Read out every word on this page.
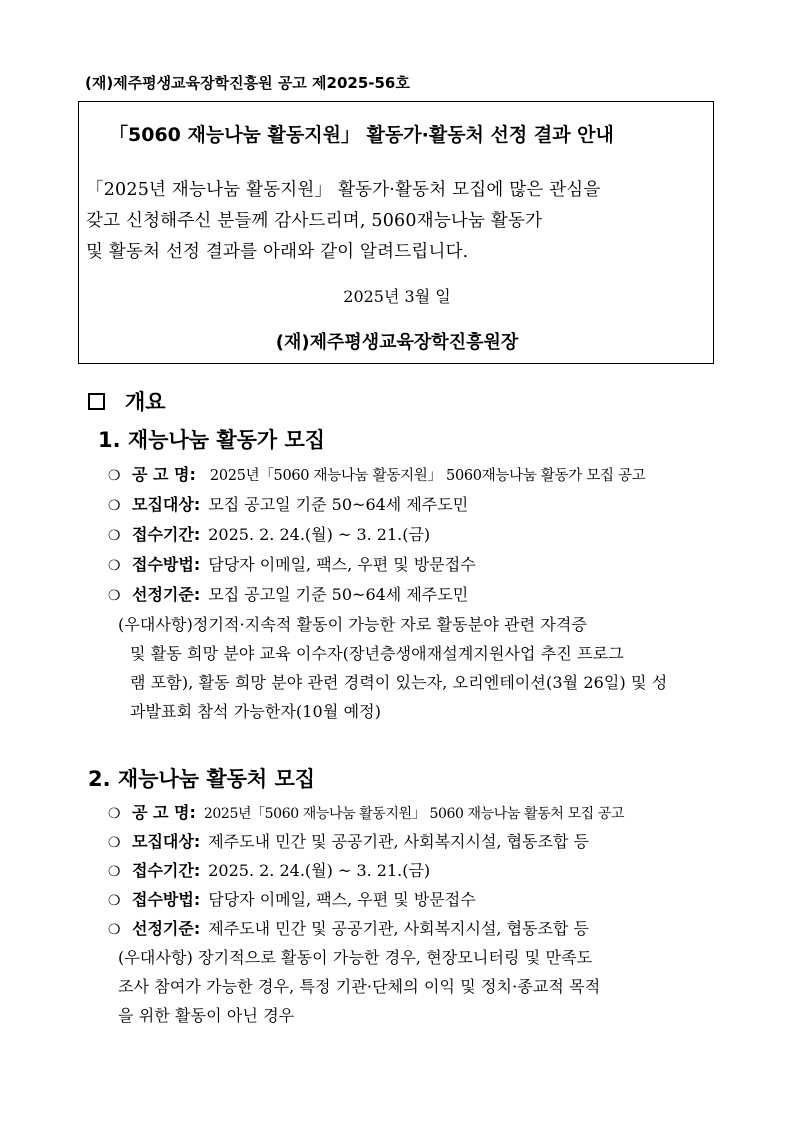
(재)제주평생교육장학진흥원 공고 제2025-56호
「5060 재능나눔 활동지원」 활동가·활동처 선정 결과 안내
「2025년 재능나눔 활동지원」 활동가·활동처 모집에 많은 관심을
갖고 신청해주신 분들께 감사드리며, 5060재능나눔 활동가
및 활동처 선정 결과를 아래와 같이 알려드립니다.
2025년 3월 일
(재)제주평생교육장학진흥원장
개요
1. 재능나눔 활동가 모집
❍ 공 고 명: 2025년「5060 재능나눔 활동지원」 5060재능나눔 활동가 모집 공고
❍ 모집대상: 모집 공고일 기준 50~64세 제주도민
❍ 접수기간: 2025. 2. 24.(월) ~ 3. 21.(금)
❍ 접수방법: 담당자 이메일, 팩스, 우편 및 방문접수
❍ 선정기준: 모집 공고일 기준 50~64세 제주도민
(우대사항)정기적·지속적 활동이 가능한 자로 활동분야 관련 자격증
및 활동 희망 분야 교육 이수자(장년층생애재설계지원사업 추진 프로그
램 포함), 활동 희망 분야 관련 경력이 있는자, 오리엔테이션(3월 26일) 및 성
과발표회 참석 가능한자(10월 예정)
2. 재능나눔 활동처 모집
❍ 공 고 명: 2025년「5060 재능나눔 활동지원」 5060 재능나눔 활동처 모집 공고
❍ 모집대상: 제주도내 민간 및 공공기관, 사회복지시설, 협동조합 등
❍ 접수기간: 2025. 2. 24.(월) ~ 3. 21.(금)
❍ 접수방법: 담당자 이메일, 팩스, 우편 및 방문접수
❍ 선정기준: 제주도내 민간 및 공공기관, 사회복지시설, 협동조합 등
(우대사항) 장기적으로 활동이 가능한 경우, 현장모니터링 및 만족도
조사 참여가 가능한 경우, 특정 기관·단체의 이익 및 정치·종교적 목적
을 위한 활동이 아닌 경우
